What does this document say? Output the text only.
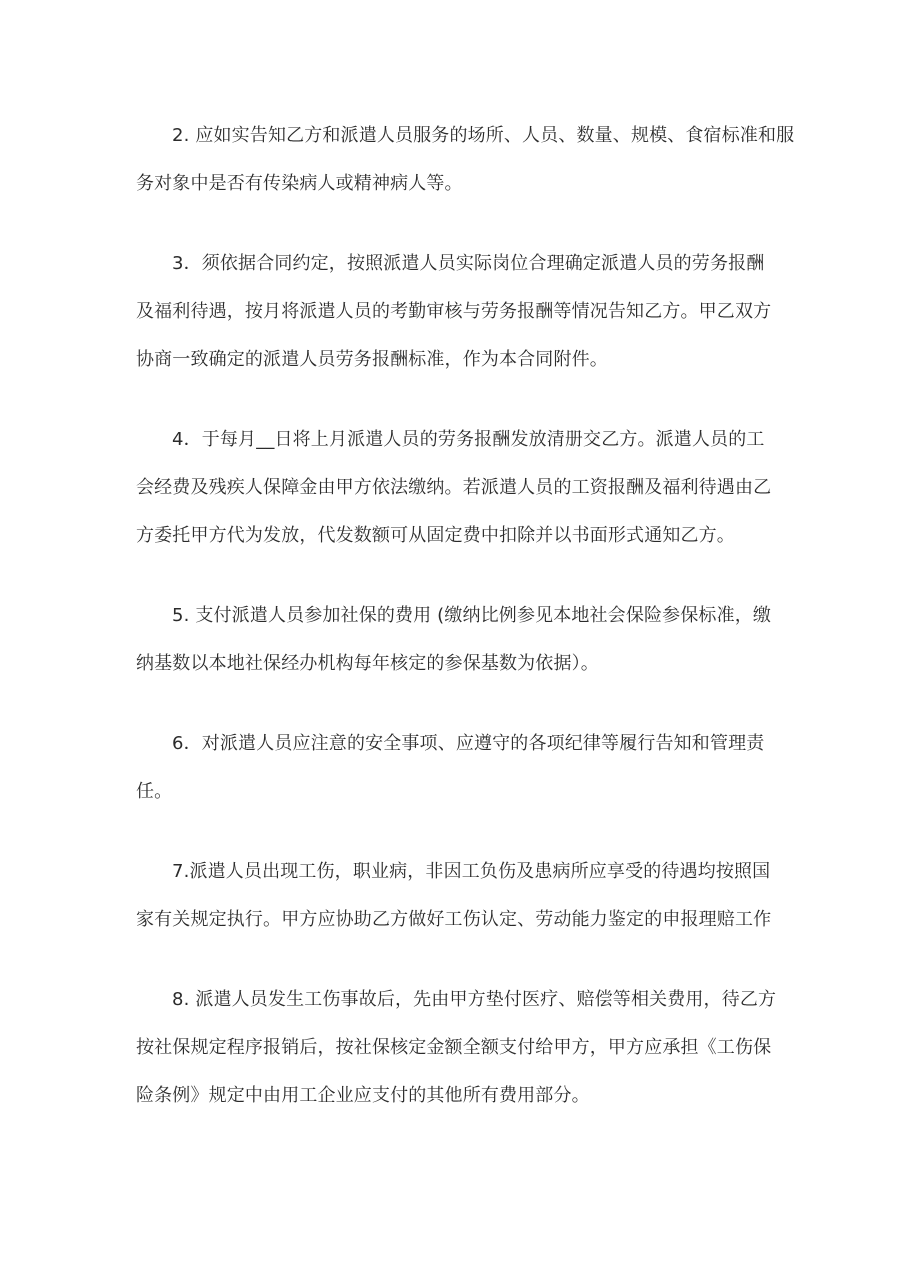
2. 应如实告知乙方和派遣人员服务的场所、人员、数量、规模、食宿标准和服
务对象中是否有传染病人或精神病人等。
3．须依据合同约定，按照派遣人员实际岗位合理确定派遣人员的劳务报酬
及福利待遇，按月将派遣人员的考勤审核与劳务报酬等情况告知乙方。甲乙双方
协商一致确定的派遣人员劳务报酬标准，作为本合同附件。
4．于每月__日将上月派遣人员的劳务报酬发放清册交乙方。派遣人员的工
会经费及残疾人保障金由甲方依法缴纳。若派遣人员的工资报酬及福利待遇由乙
方委托甲方代为发放，代发数额可从固定费中扣除并以书面形式通知乙方。
5. 支付派遣人员参加社保的费用 (缴纳比例参见本地社会保险参保标准，缴
纳基数以本地社保经办机构每年核定的参保基数为依据）。
6．对派遣人员应注意的安全事项、应遵守的各项纪律等履行告知和管理责
任。
7.派遣人员出现工伤，职业病，非因工负伤及患病所应享受的待遇均按照国
家有关规定执行。甲方应协助乙方做好工伤认定、劳动能力鉴定的申报理赔工作
8. 派遣人员发生工伤事故后，先由甲方垫付医疗、赔偿等相关费用，待乙方
按社保规定程序报销后，按社保核定金额全额支付给甲方，甲方应承担《工伤保
险条例》规定中由用工企业应支付的其他所有费用部分。
